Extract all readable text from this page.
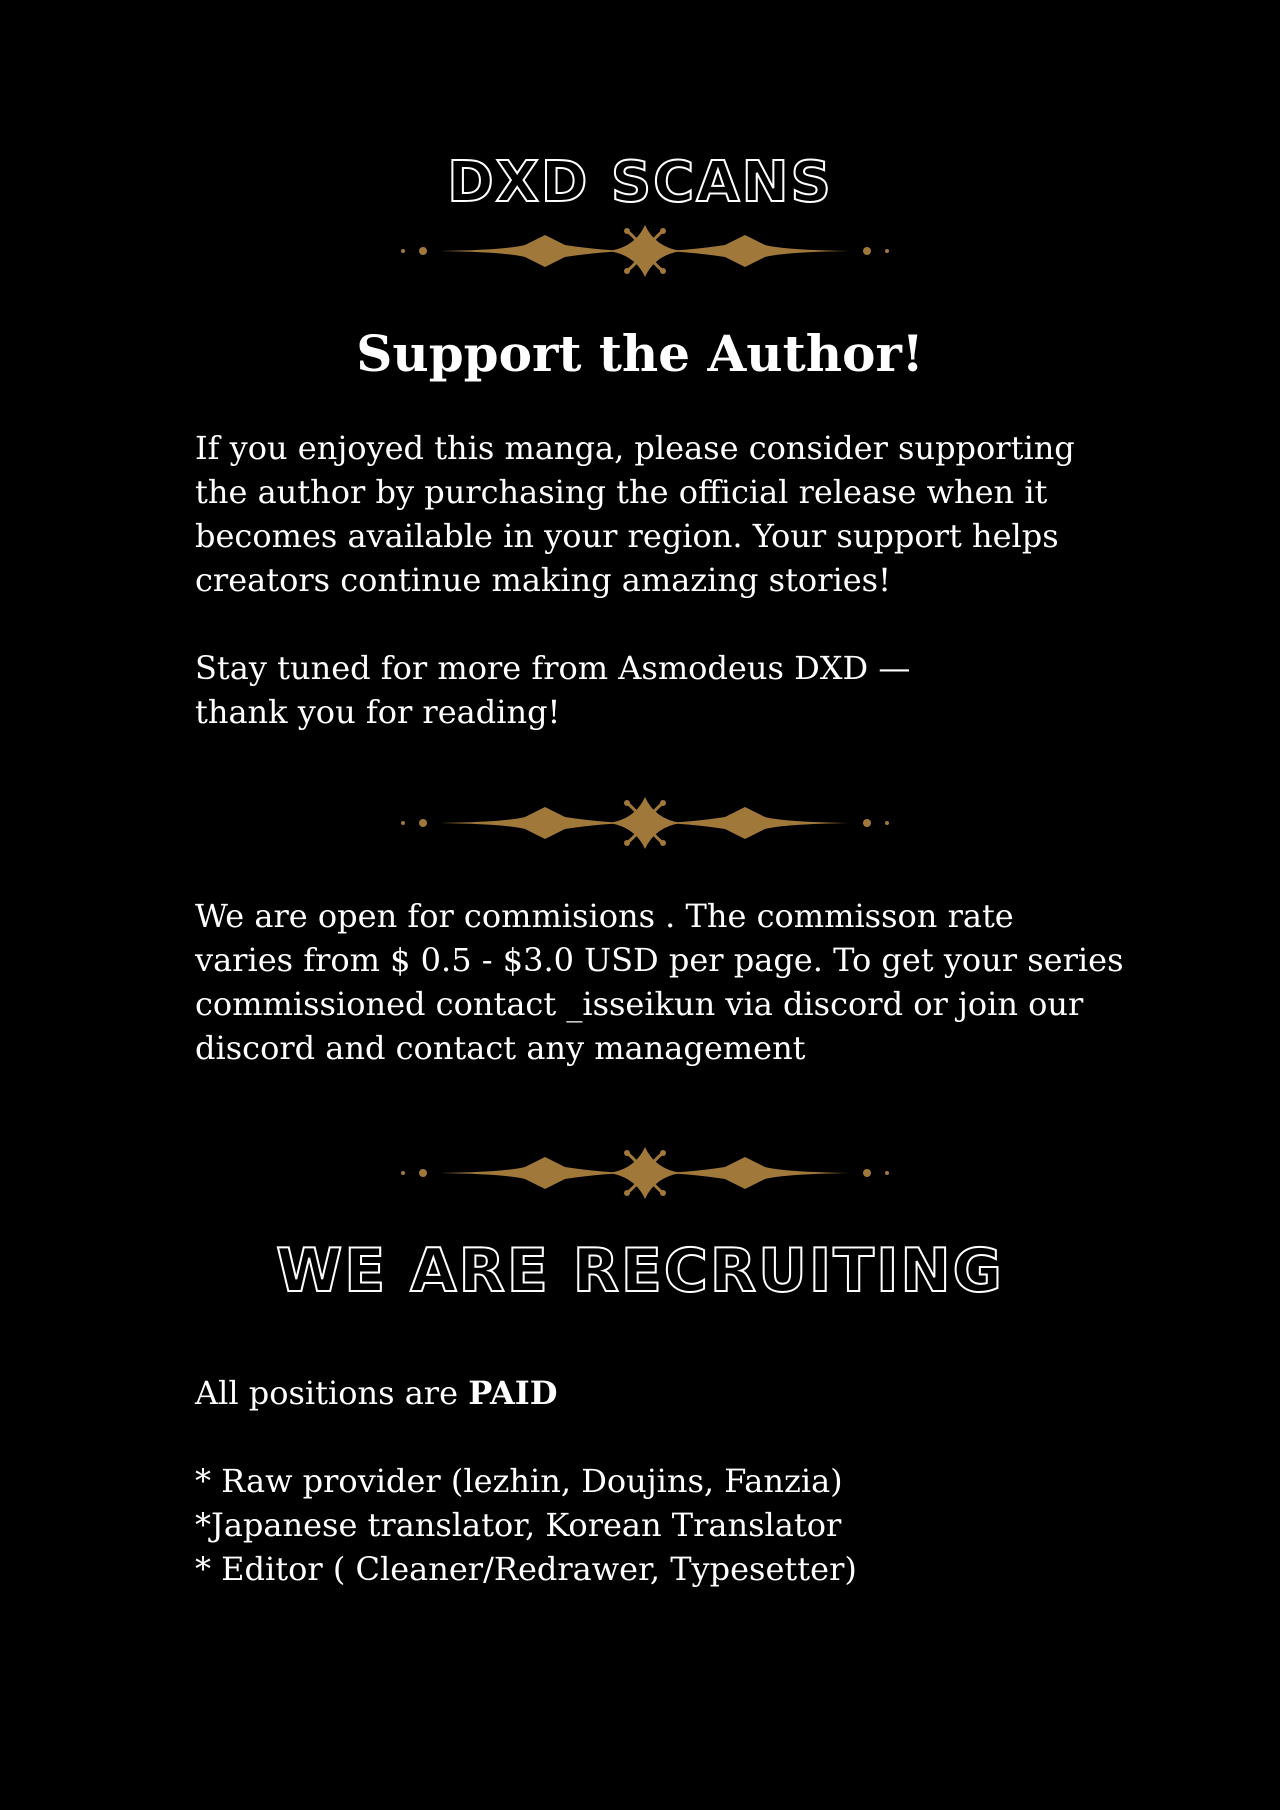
DXD SCANS
Support the Author!
If you enjoyed this manga, please consider supporting
the author by purchasing the official release when it
becomes available in your region. Your support helps
creators continue making amazing stories!
Stay tuned for more from Asmodeus DXD —
thank you for reading!
We are open for commisions . The commisson rate
varies from $ 0.5 - $3.0 USD per page. To get your series
commissioned contact _isseikun via discord or join our
discord and contact any management
WE ARE RECRUITING
All positions are PAID
* Raw provider (lezhin, Doujins, Fanzia)
*Japanese translator, Korean Translator
* Editor ( Cleaner/Redrawer, Typesetter)
